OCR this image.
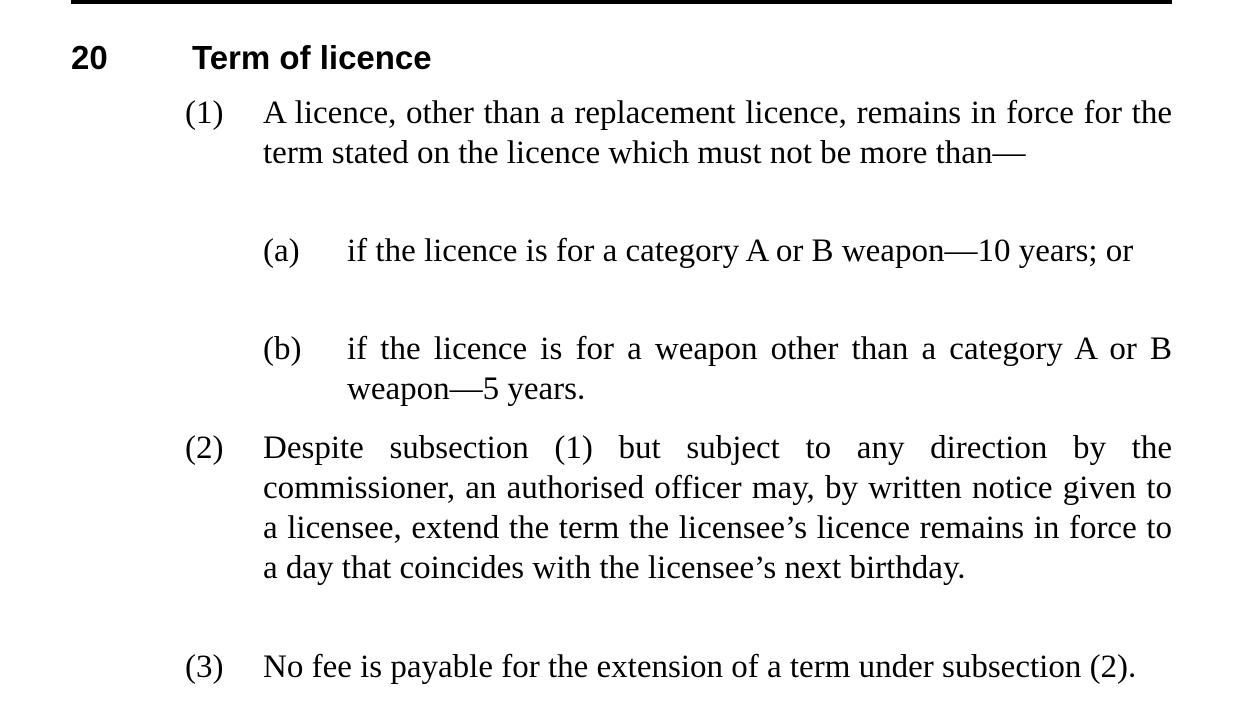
20	Term of licence
(1) A licence, other than a replacement licence, remains in force for the term stated on the licence which must not be more than—
(a) if the licence is for a category A or B weapon—10 years; or
(b) if the licence is for a weapon other than a category A or B weapon—5 years.
(2) Despite subsection (1) but subject to any direction by the commissioner, an authorised officer may, by written notice given to a licensee, extend the term the licensee’s licence remains in force to a day that coincides with the licensee’s next birthday.
(3) No fee is payable for the extension of a term under subsection (2).
